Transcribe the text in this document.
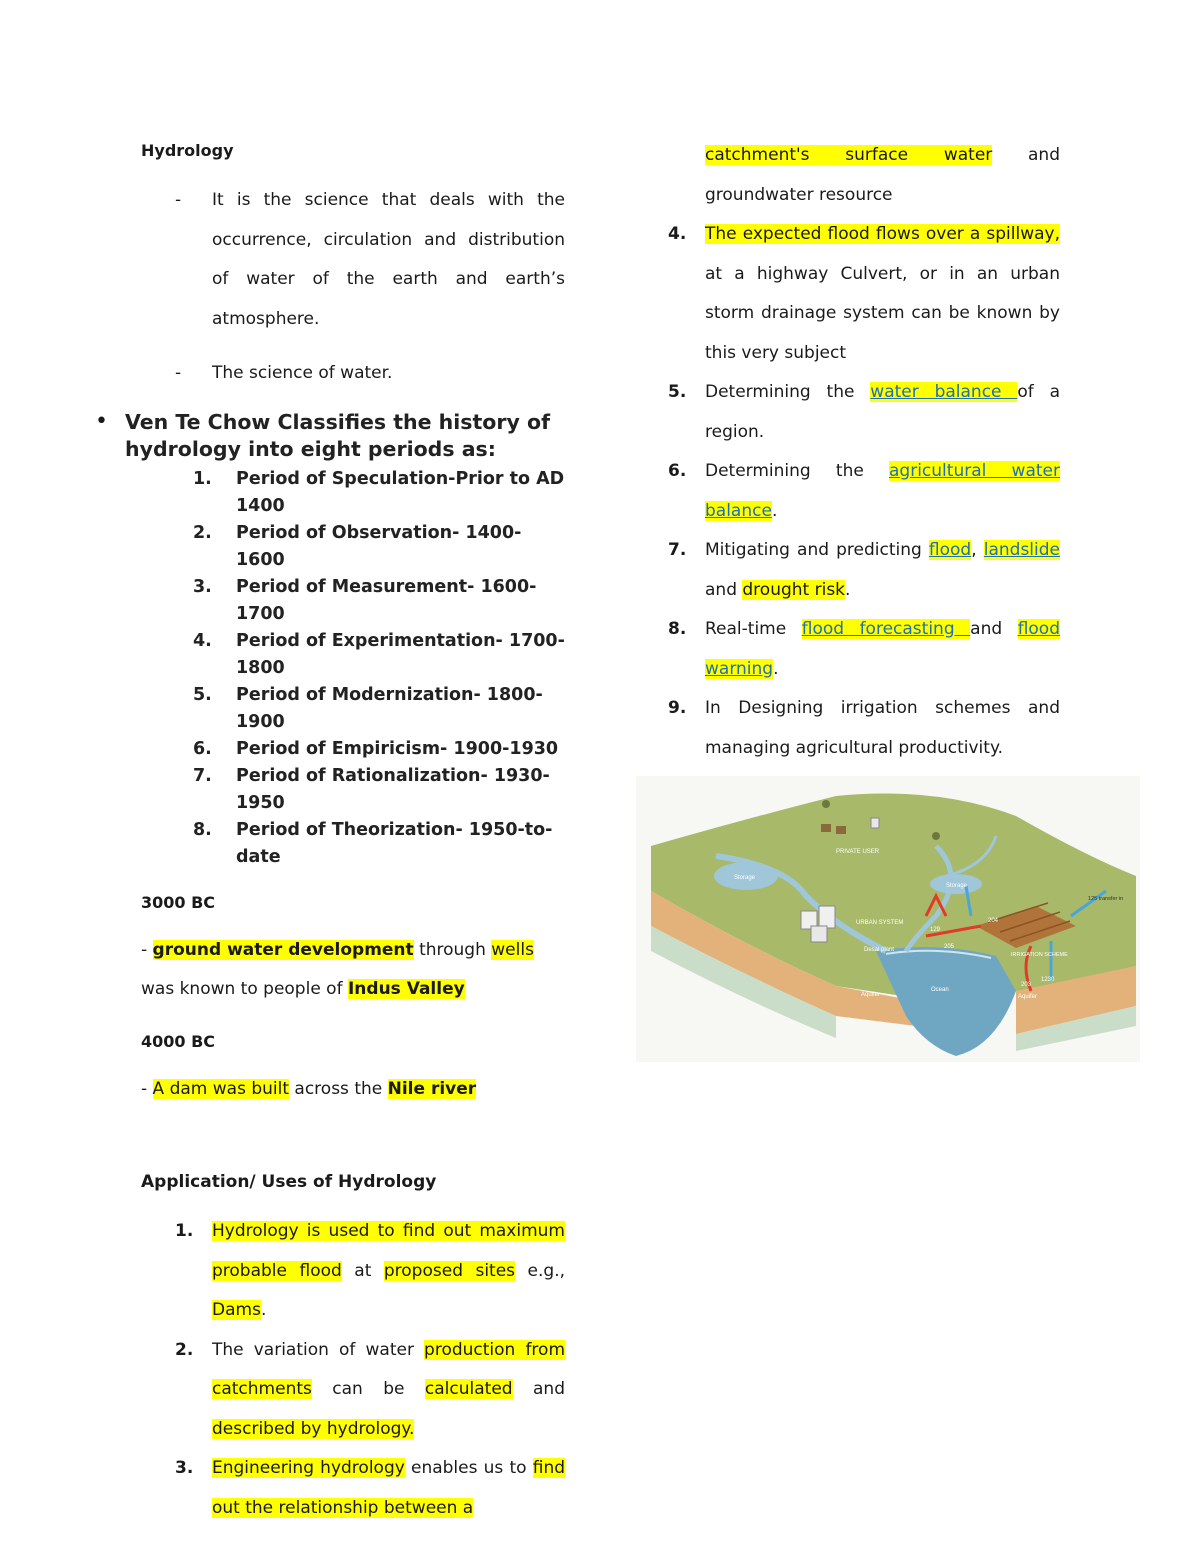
Hydrology
- It is the science that deals with the occurrence, circulation and distribution of water of the earth and earth’s atmosphere.
- The science of water.
• Ven Te Chow Classifies the history of hydrology into eight periods as:
1. Period of Speculation-Prior to AD 1400
2. Period of Observation- 1400-1600
3. Period of Measurement- 1600-1700
4. Period of Experimentation- 1700-1800
5. Period of Modernization- 1800-1900
6. Period of Empiricism- 1900-1930
7. Period of Rationalization- 1930-1950
8. Period of Theorization- 1950-to-date
3000 BC
- ground water development through wells was known to people of Indus Valley
4000 BC
- A dam was built across the Nile river
Application/ Uses of Hydrology
1. Hydrology is used to find out maximum probable flood at proposed sites e.g., Dams.
2. The variation of water production from catchments can be calculated and described by hydrology.
3. Engineering hydrology enables us to find out the relationship between a
catchment's surface water and groundwater resource
4. The expected flood flows over a spillway, at a highway Culvert, or in an urban storm drainage system can be known by this very subject
5. Determining the water balance of a region.
6. Determining the agricultural water balance.
7. Mitigating and predicting flood, landslide and drought risk.
8. Real-time flood forecasting and flood warning.
9. In Designing irrigation schemes and managing agricultural productivity.
PRIVATE USER
Storage
Storage
URBAN SYSTEM
Desal plant
Ocean
Aquifer	Aquifer
IRRIGATION SCHEME
125 transfer in
204
129
205
203
1230
